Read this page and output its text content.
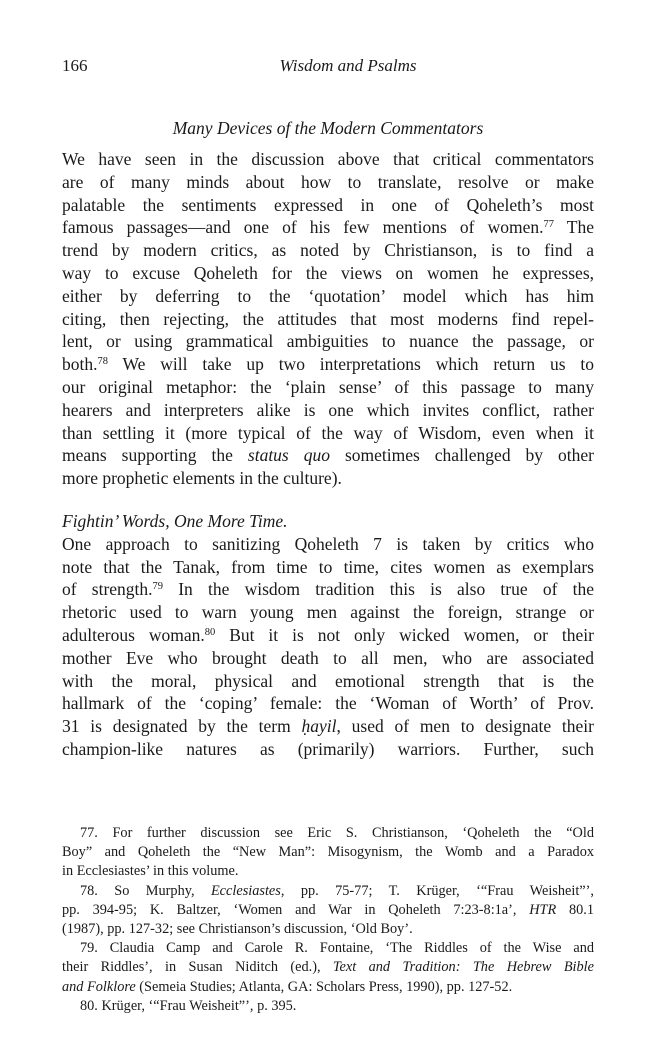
166	Wisdom and Psalms
Many Devices of the Modern Commentators
We have seen in the discussion above that critical commentators
are of many minds about how to translate, resolve or make
palatable the sentiments expressed in one of Qoheleth’s most
famous passages—and one of his few mentions of women.$^{77}$ The
trend by modern critics, as noted by Christianson, is to find a
way to excuse Qoheleth for the views on women he expresses,
either by deferring to the ‘quotation’ model which has him
citing, then rejecting, the attitudes that most moderns find repel-
lent, or using grammatical ambiguities to nuance the passage, or
both.$^{78}$ We will take up two interpretations which return us to
our original metaphor: the ‘plain sense’ of this passage to many
hearers and interpreters alike is one which invites conflict, rather
than settling it (more typical of the way of Wisdom, even when it
means supporting the status quo sometimes challenged by other
more prophetic elements in the culture).
Fightin’ Words, One More Time.
One approach to sanitizing Qoheleth 7 is taken by critics who
note that the Tanak, from time to time, cites women as exemplars
of strength.$^{79}$ In the wisdom tradition this is also true of the
rhetoric used to warn young men against the foreign, strange or
adulterous woman.$^{80}$ But it is not only wicked women, or their
mother Eve who brought death to all men, who are associated
with the moral, physical and emotional strength that is the
hallmark of the ‘coping’ female: the ‘Woman of Worth’ of Prov.
31 is designated by the term ḥayil, used of men to designate their
champion-like natures as (primarily) warriors. Further, such
77. For further discussion see Eric S. Christianson, ‘Qoheleth the “Old
Boy” and Qoheleth the “New Man”: Misogynism, the Womb and a Paradox
in Ecclesiastes’ in this volume.
78. So Murphy, Ecclesiastes, pp. 75-77; T. Krüger, ‘“Frau Weisheit”’,
pp. 394-95; K. Baltzer, ‘Women and War in Qoheleth 7:23-8:1a’, HTR 80.1
(1987), pp. 127-32; see Christianson’s discussion, ‘Old Boy’.
79. Claudia Camp and Carole R. Fontaine, ‘The Riddles of the Wise and
their Riddles’, in Susan Niditch (ed.), Text and Tradition: The Hebrew Bible
and Folklore (Semeia Studies; Atlanta, GA: Scholars Press, 1990), pp. 127-52.
80. Krüger, ‘“Frau Weisheit”’, p. 395.
